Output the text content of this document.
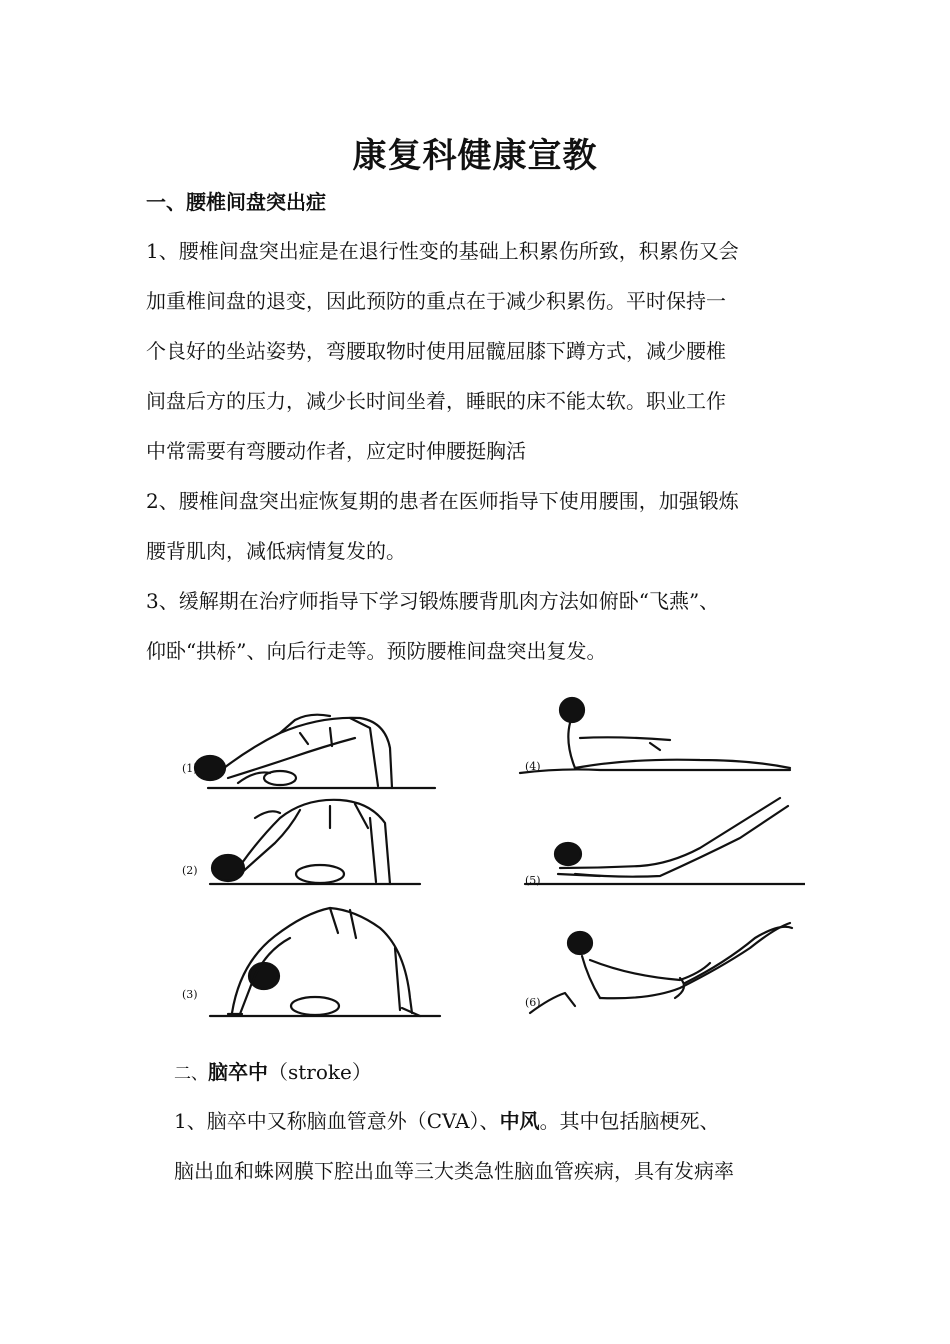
康复科健康宣教
一、腰椎间盘突出症
1、腰椎间盘突出症是在退行性变的基础上积累伤所致，积累伤又会
加重椎间盘的退变，因此预防的重点在于减少积累伤。平时保持一
个良好的坐站姿势，弯腰取物时使用屈髋屈膝下蹲方式，减少腰椎
间盘后方的压力，减少长时间坐着，睡眠的床不能太软。职业工作
中常需要有弯腰动作者，应定时伸腰挺胸活
2、腰椎间盘突出症恢复期的患者在医师指导下使用腰围，加强锻炼
腰背肌肉，减低病情复发的。
3、缓解期在治疗师指导下学习锻炼腰背肌肉方法如俯卧“飞燕”、
仰卧“拱桥”、向后行走等。预防腰椎间盘突出复发。
(1)
(2)
(3)
(4)
(5)
(6)
二、脑卒中（stroke）
1、脑卒中又称脑血管意外（CVA）、中风。其中包括脑梗死、
脑出血和蛛网膜下腔出血等三大类急性脑血管疾病，具有发病率
